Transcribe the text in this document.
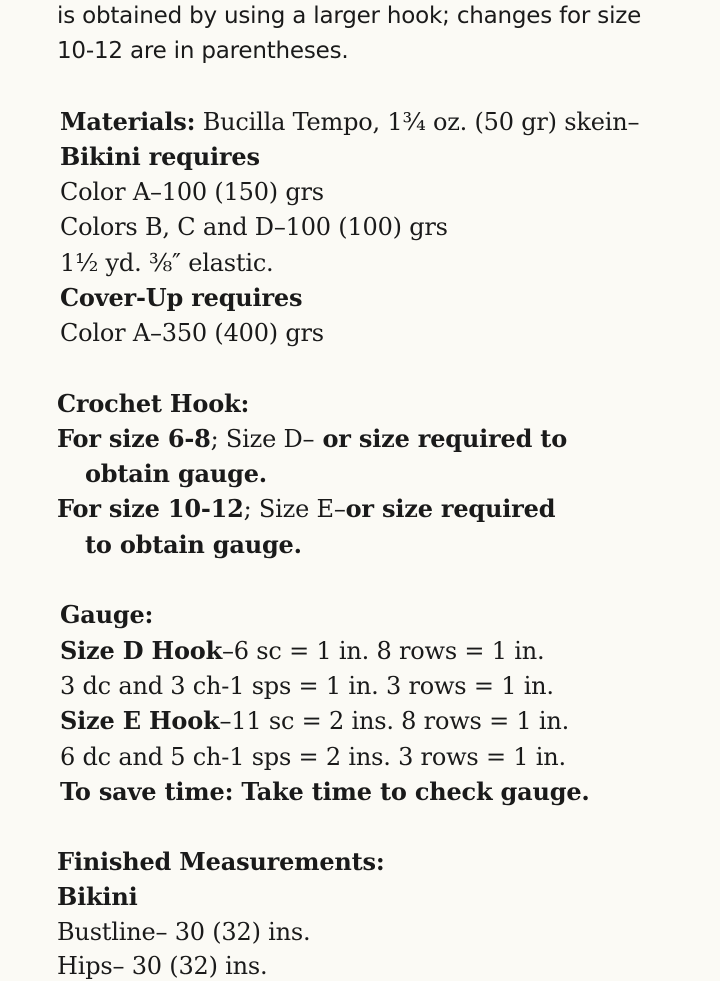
is obtained by using a larger hook; changes for size
10-12 are in parentheses.
Materials: Bucilla Tempo, 1¾ oz. (50 gr) skein–
Bikini requires
Color A–100 (150) grs
Colors B, C and D–100 (100) grs
1½ yd. ⅜″ elastic.
Cover-Up requires
Color A–350 (400) grs
Crochet Hook:
For size 6-8; Size D– or size required to
obtain gauge.
For size 10-12; Size E–or size required
to obtain gauge.
Gauge:
Size D Hook–6 sc = 1 in. 8 rows = 1 in.
3 dc and 3 ch-1 sps = 1 in. 3 rows = 1 in.
Size E Hook–11 sc = 2 ins. 8 rows = 1 in.
6 dc and 5 ch-1 sps = 2 ins. 3 rows = 1 in.
To save time: Take time to check gauge.
Finished Measurements:
Bikini
Bustline– 30 (32) ins.
Hips– 30 (32) ins.
